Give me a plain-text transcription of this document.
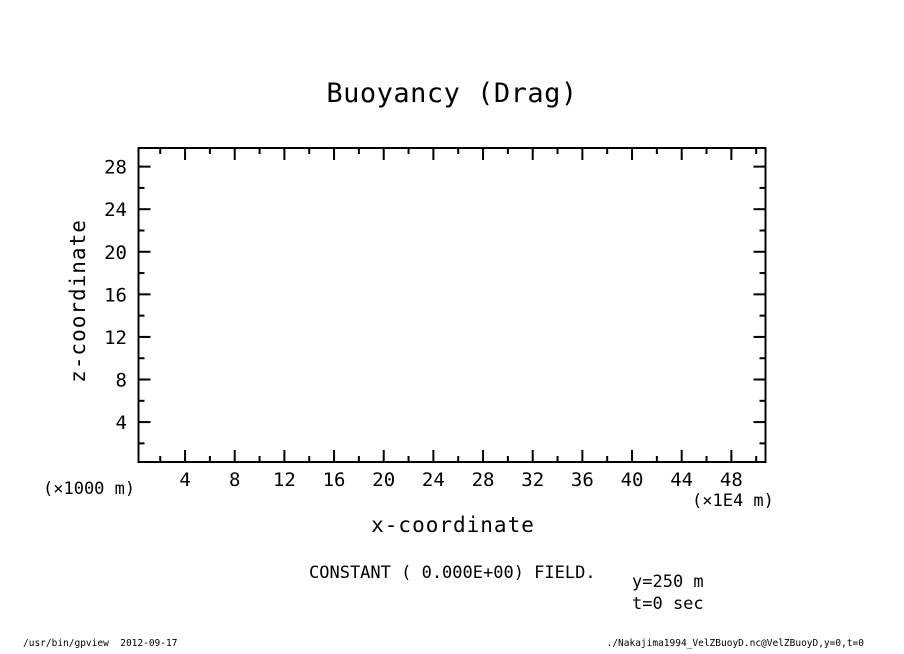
Buoyancy (Drag)
4 8 12 16 20 24 28 32 36 40 44 48
4
8
12
16
20
24
28
z-coordinate
(×1000 m)
(×1E4 m)
x-coordinate
CONSTANT ( 0.000E+00) FIELD. y=250 m
t=0 sec
/usr/bin/gpview  2012-09-17	./Nakajima1994_VelZBuoyD.nc@VelZBuoyD,y=0,t=0
